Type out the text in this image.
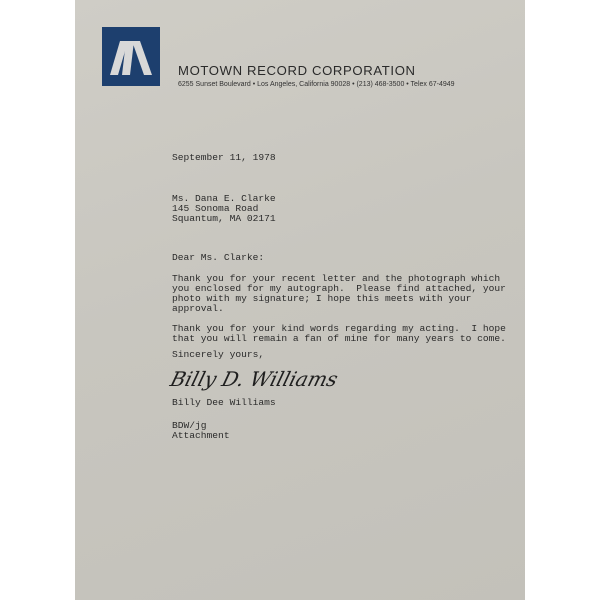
MOTOWN RECORD CORPORATION
6255 Sunset Boulevard • Los Angeles, California 90028 • (213) 468-3500 • Telex 67-4949
September 11, 1978
Ms. Dana E. Clarke
145 Sonoma Road
Squantum, MA 02171
Dear Ms. Clarke:
Thank you for your recent letter and the photograph which
you enclosed for my autograph.  Please find attached, your
photo with my signature; I hope this meets with your
approval.
Thank you for your kind words regarding my acting.  I hope
that you will remain a fan of mine for many years to come.
Sincerely yours,
Billy D. Williams
Billy Dee Williams
BDW/jg
Attachment
